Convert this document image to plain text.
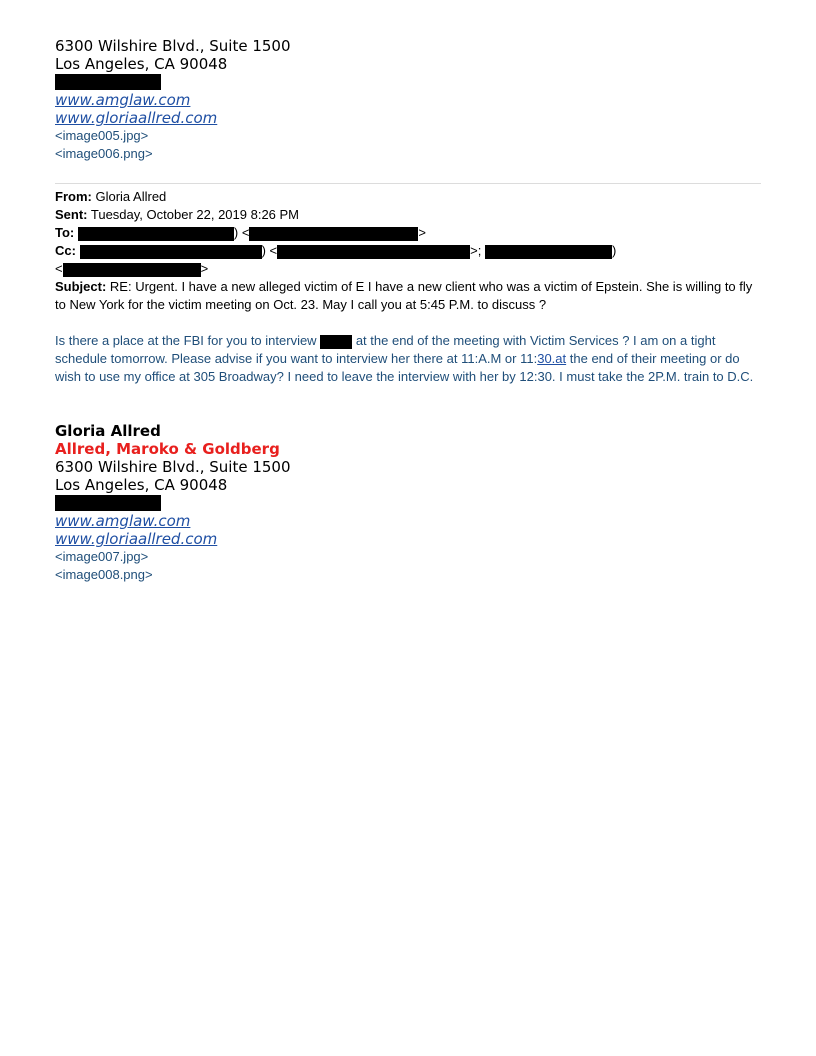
6300 Wilshire Blvd., Suite 1500
Los Angeles, CA 90048
www.amglaw.com
www.gloriaallred.com
<image005.jpg>
<image006.png>
From: Gloria Allred
Sent: Tuesday, October 22, 2019 8:26 PM
To:	) <	>
Cc:	) <	>;	)
<	>
Subject: RE: Urgent. I have a new alleged victim of E I have a new client who was a victim of Epstein. She is willing to fly to New York for the victim meeting on Oct. 23. May I call you at 5:45 P.M. to discuss ?
Is there a place at the FBI for you to interview	at the end of the meeting with Victim Services ? I am on a tight schedule tomorrow. Please advise if you want to interview her there at 11:A.M or 11:30.at the end of their meeting or do wish to use my office at 305 Broadway? I need to leave the interview with her by 12:30. I must take the 2P.M. train to D.C.
Gloria Allred
Allred, Maroko & Goldberg
6300 Wilshire Blvd., Suite 1500
Los Angeles, CA 90048
www.amglaw.com
www.gloriaallred.com
<image007.jpg>
<image008.png>
